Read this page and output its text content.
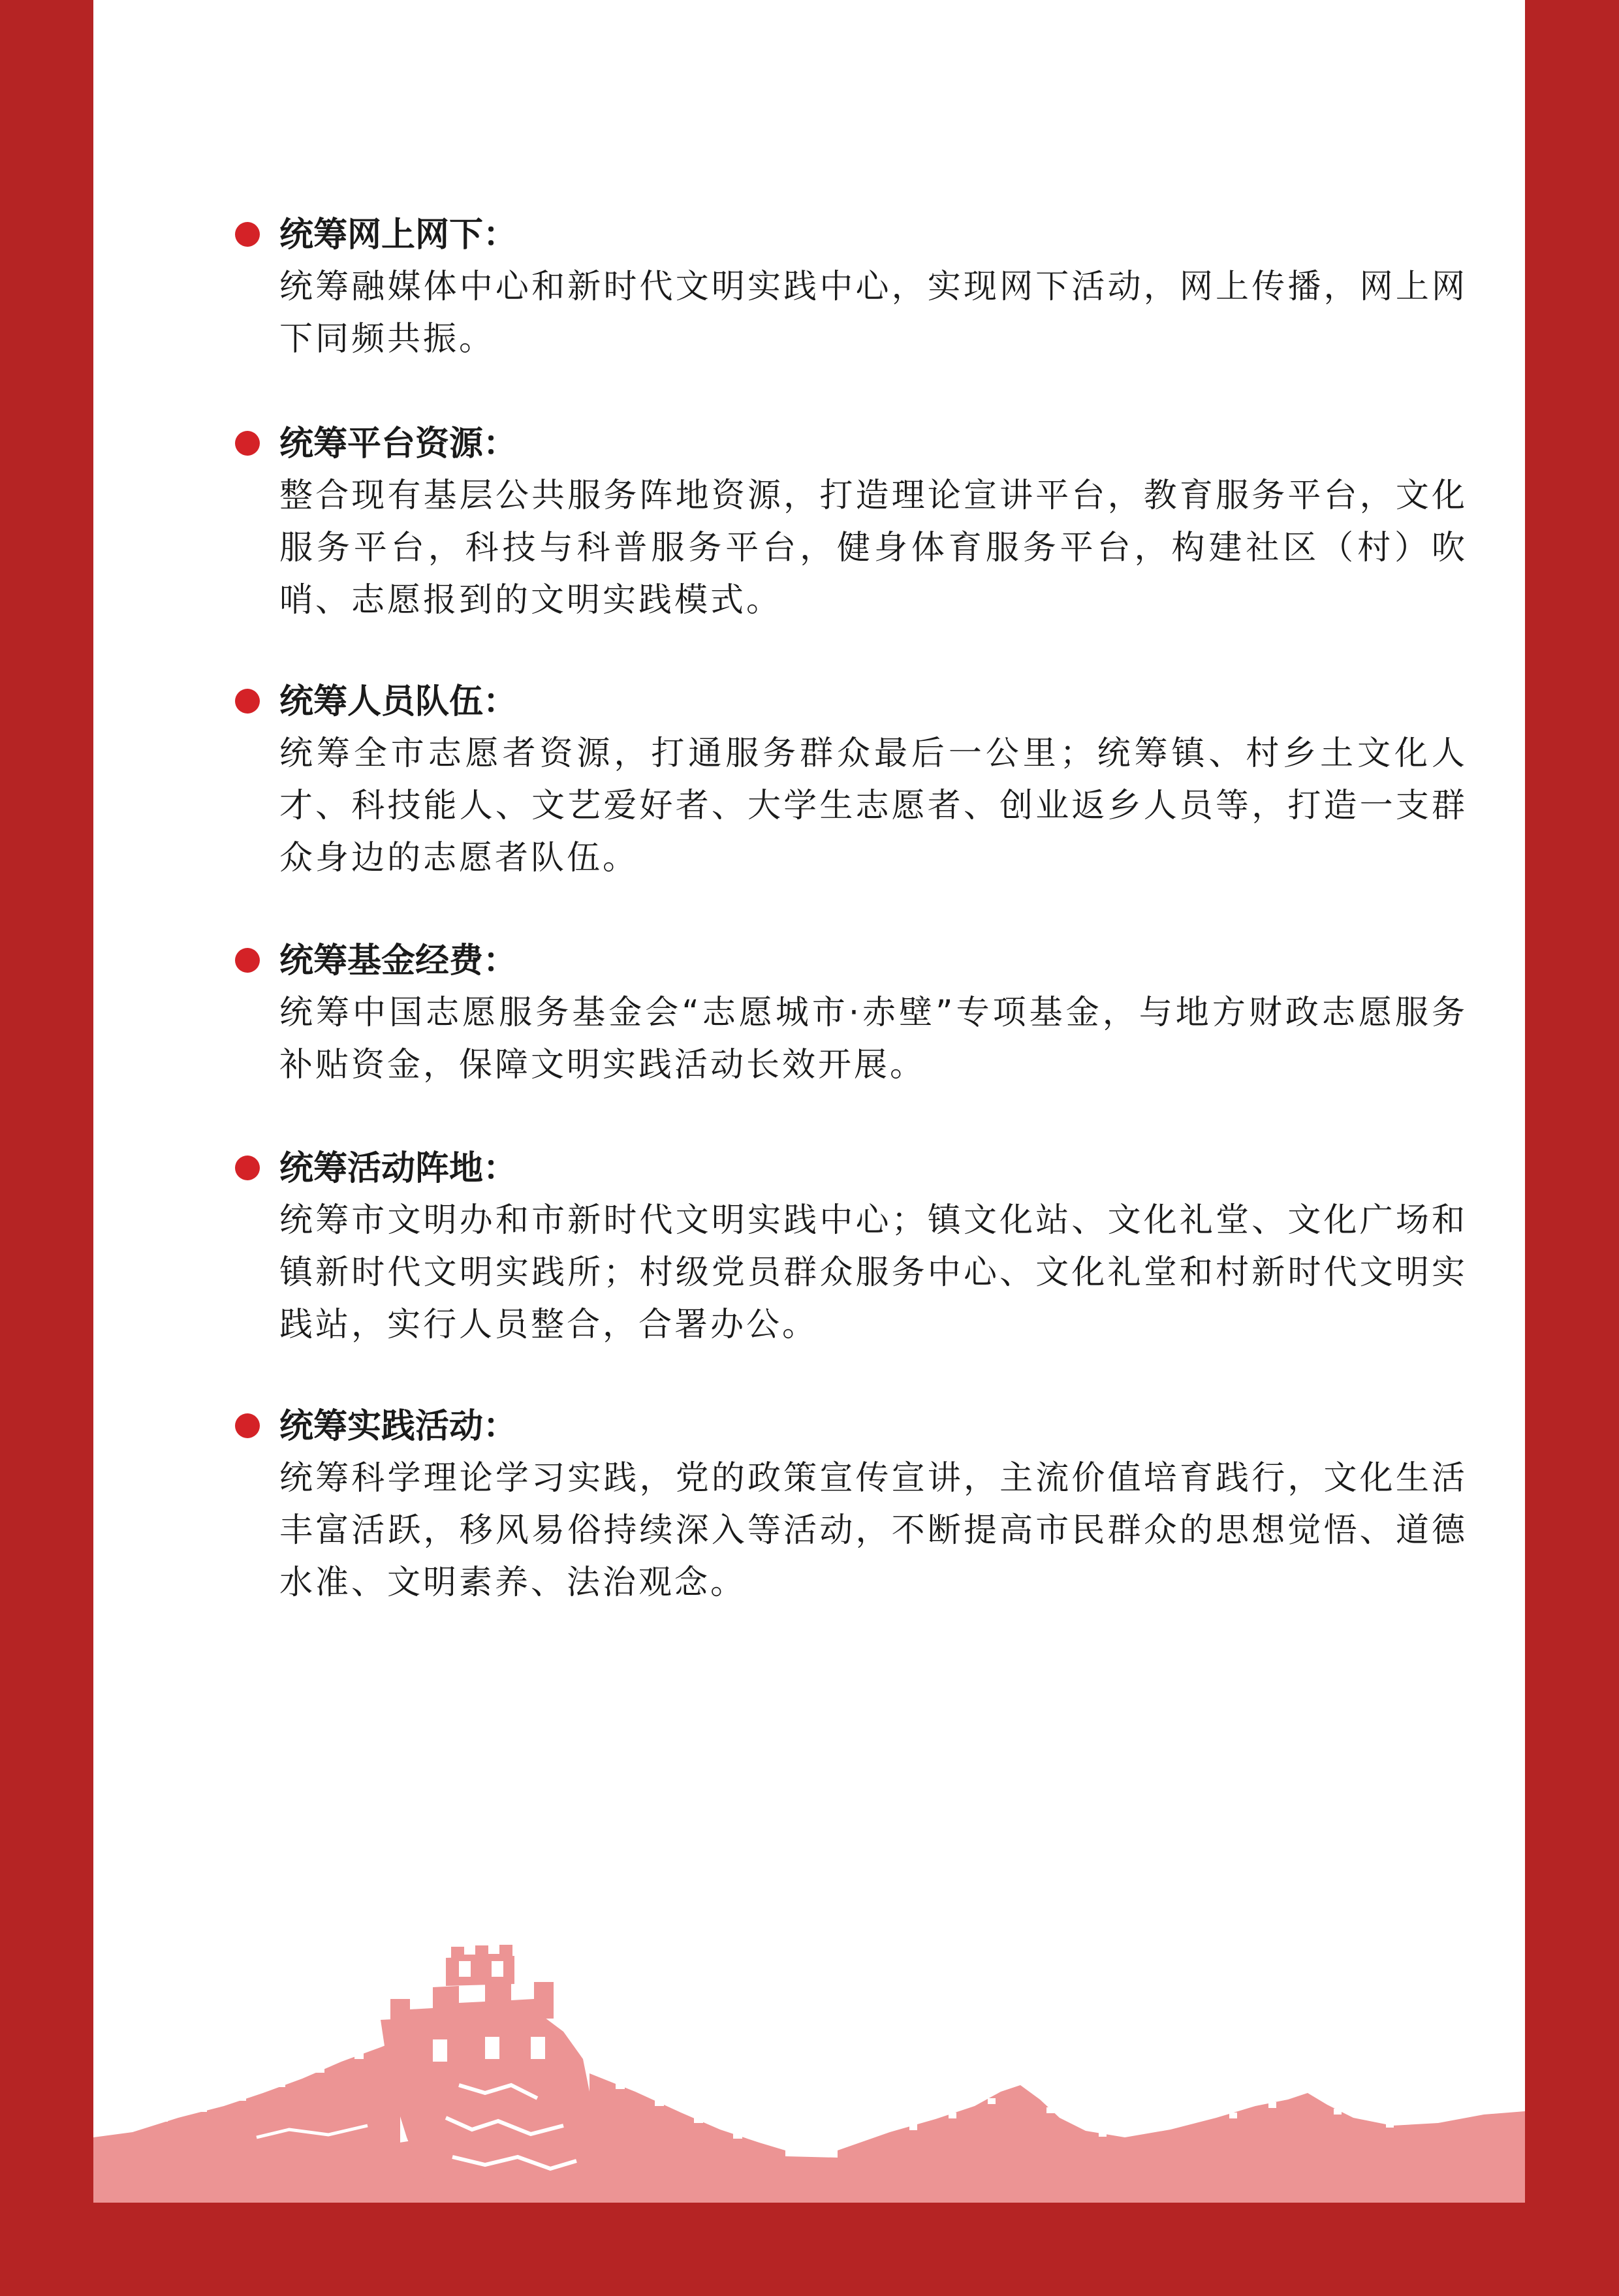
统筹网上网下：
统筹融媒体中心和新时代文明实践中心，实现网下活动，网上传播，网上网下同频共振。
统筹平台资源：
整合现有基层公共服务阵地资源，打造理论宣讲平台，教育服务平台，文化服务平台，科技与科普服务平台，健身体育服务平台，构建社区（村）吹哨、志愿报到的文明实践模式。
统筹人员队伍：
统筹全市志愿者资源，打通服务群众最后一公里；统筹镇、村乡土文化人才、科技能人、文艺爱好者、大学生志愿者、创业返乡人员等，打造一支群众身边的志愿者队伍。
统筹基金经费：
统筹中国志愿服务基金会“志愿城市·赤壁”专项基金，与地方财政志愿服务补贴资金，保障文明实践活动长效开展。
统筹活动阵地：
统筹市文明办和市新时代文明实践中心；镇文化站、文化礼堂、文化广场和镇新时代文明实践所；村级党员群众服务中心、文化礼堂和村新时代文明实践站，实行人员整合，合署办公。
统筹实践活动：
统筹科学理论学习实践，党的政策宣传宣讲，主流价值培育践行，文化生活丰富活跃，移风易俗持续深入等活动，不断提高市民群众的思想觉悟、道德水准、文明素养、法治观念。
